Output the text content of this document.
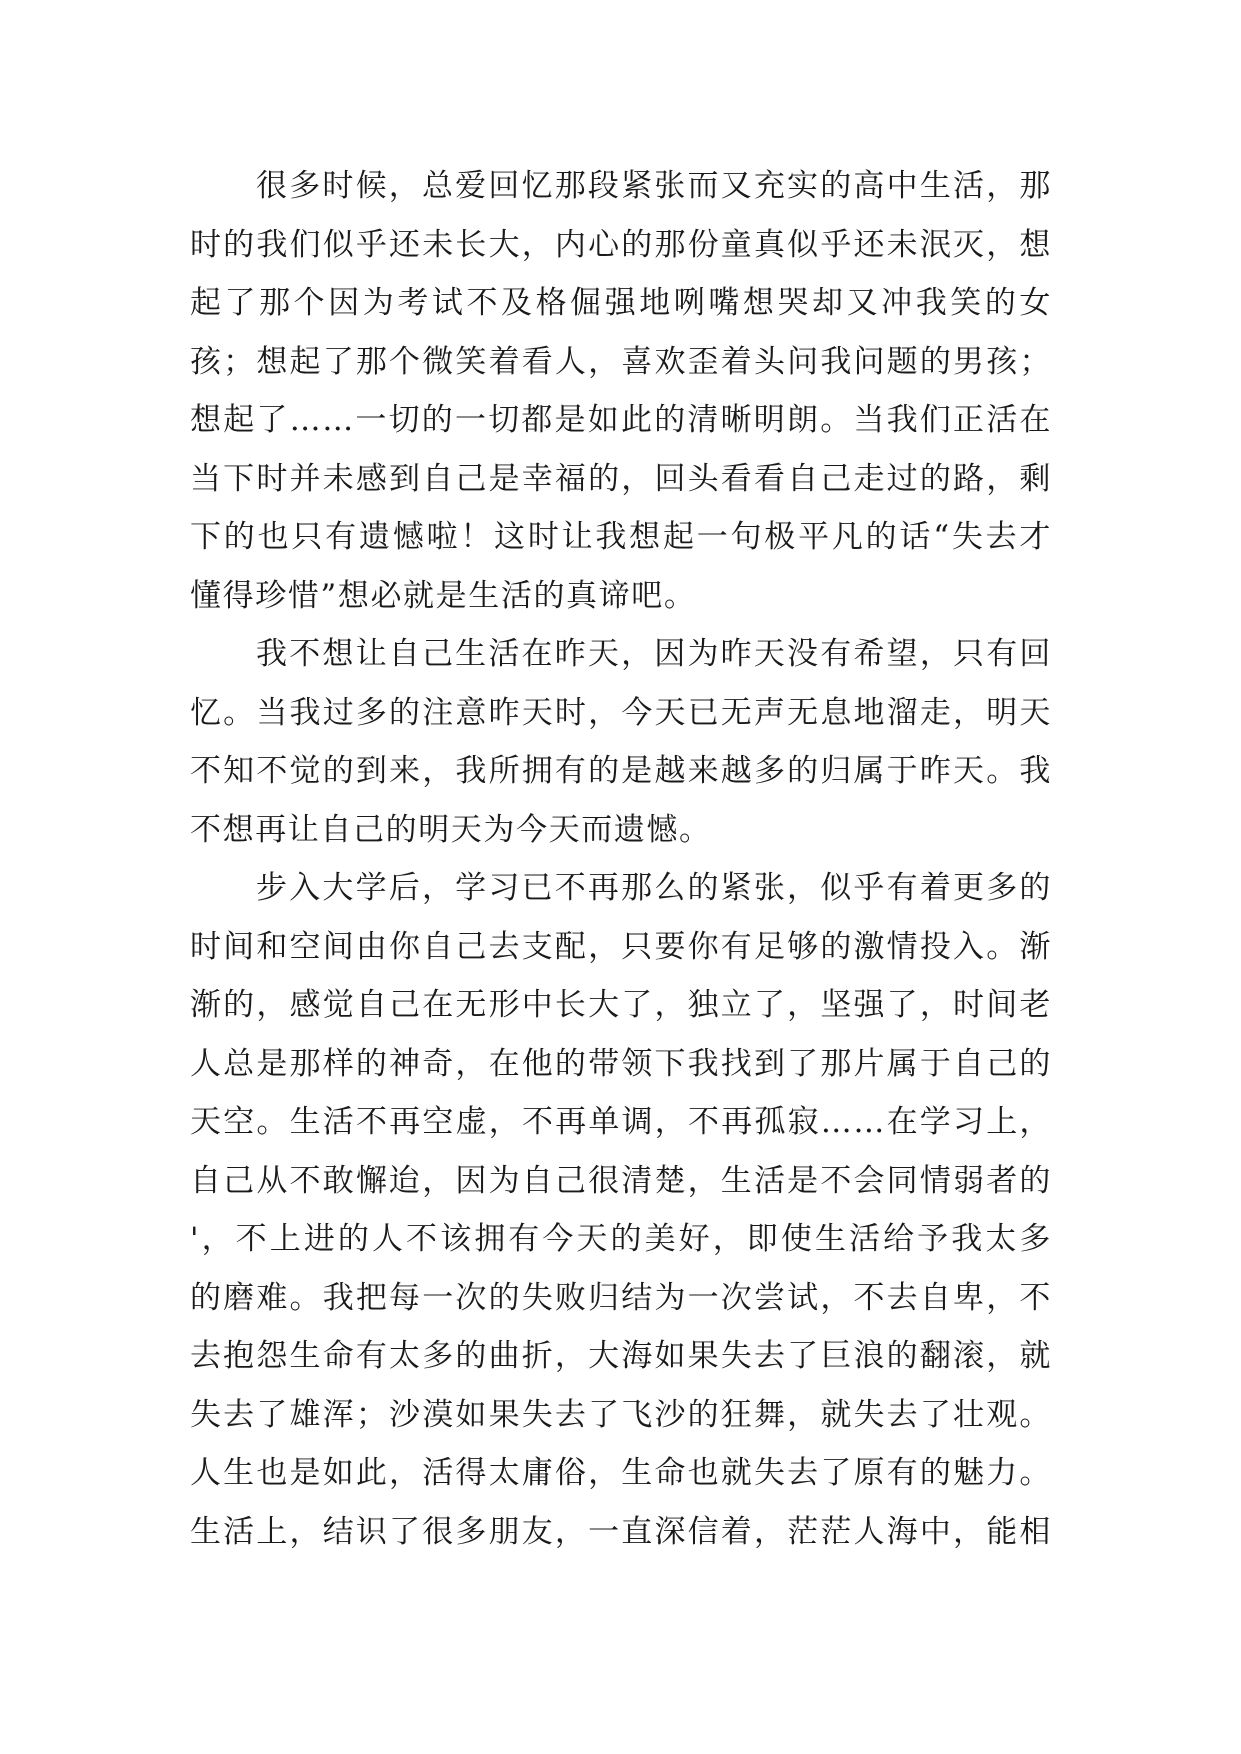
很多时候，总爱回忆那段紧张而又充实的高中生活，那
时的我们似乎还未长大，内心的那份童真似乎还未泯灭，想
起了那个因为考试不及格倔强地咧嘴想哭却又冲我笑的女
孩；想起了那个微笑着看人，喜欢歪着头问我问题的男孩；
想起了……一切的一切都是如此的清晰明朗。当我们正活在
当下时并未感到自己是幸福的，回头看看自己走过的路，剩
下的也只有遗憾啦！这时让我想起一句极平凡的话“失去才
懂得珍惜”想必就是生活的真谛吧。
我不想让自己生活在昨天，因为昨天没有希望，只有回
忆。当我过多的注意昨天时，今天已无声无息地溜走，明天
不知不觉的到来，我所拥有的是越来越多的归属于昨天。我
不想再让自己的明天为今天而遗憾。
步入大学后，学习已不再那么的紧张，似乎有着更多的
时间和空间由你自己去支配，只要你有足够的激情投入。渐
渐的，感觉自己在无形中长大了，独立了，坚强了，时间老
人总是那样的神奇，在他的带领下我找到了那片属于自己的
天空。生活不再空虚，不再单调，不再孤寂……在学习上，
自己从不敢懈迨，因为自己很清楚，生活是不会同情弱者的
'，不上进的人不该拥有今天的美好，即使生活给予我太多
的磨难。我把每一次的失败归结为一次尝试，不去自卑，不
去抱怨生命有太多的曲折，大海如果失去了巨浪的翻滚，就
失去了雄浑；沙漠如果失去了飞沙的狂舞，就失去了壮观。
人生也是如此，活得太庸俗，生命也就失去了原有的魅力。
生活上，结识了很多朋友，一直深信着，茫茫人海中，能相
